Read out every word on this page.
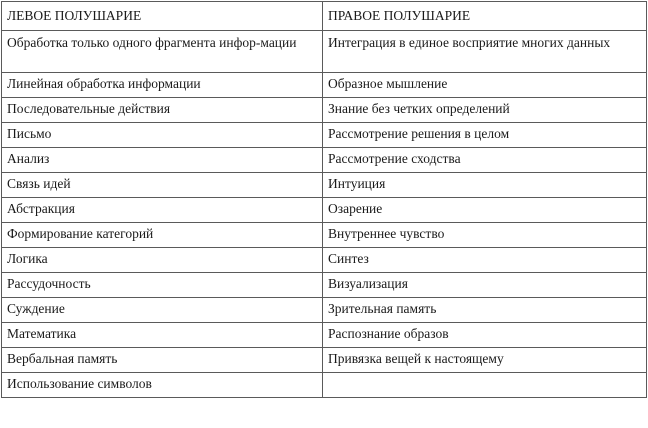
ЛЕВОЕ ПОЛУШАРИЕ	ПРАВОЕ ПОЛУШАРИЕ
Обработка только одного фрагмента инфор-мации	Интеграция в единое восприятие многих данных
Линейная обработка информации	Образное мышление
Последовательные действия	Знание без четких определений
Письмо	Рассмотрение решения в целом
Анализ	Рассмотрение сходства
Связь идей	Интуиция
Абстракция	Озарение
Формирование категорий	Внутреннее чувство
Логика	Синтез
Рассудочность	Визуализация
Суждение	Зрительная память
Математика	Распознание образов
Вербальная память	Привязка вещей к настоящему
Использование символов	
